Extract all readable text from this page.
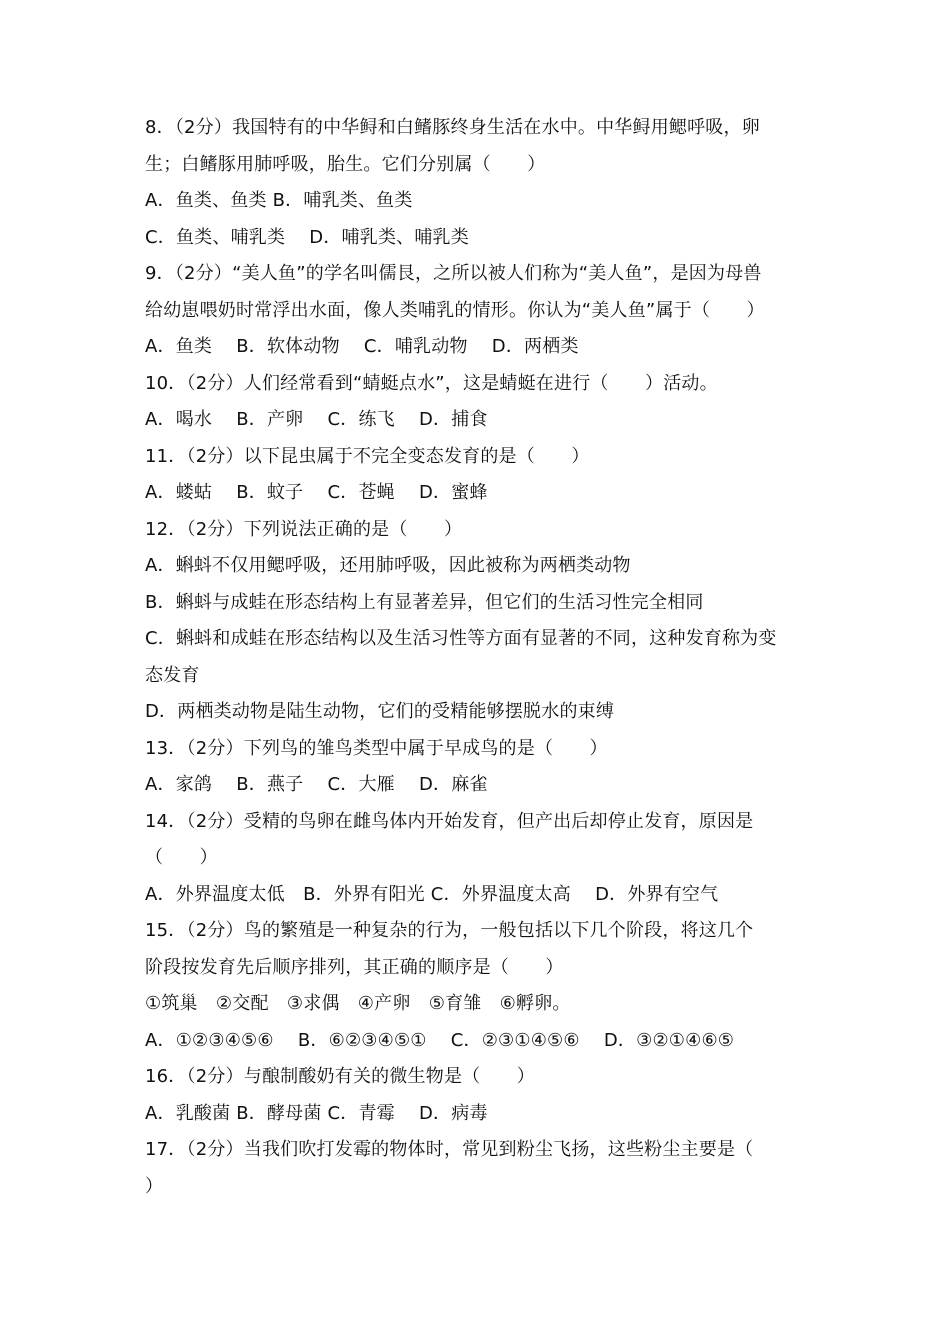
8．（2分）我国特有的中华鲟和白鳍豚终身生活在水中。中华鲟用鳃呼吸，卵
生；白鳍豚用肺呼吸，胎生。它们分别属（　　）
A．鱼类、鱼类 B．哺乳类、鱼类
C．鱼类、哺乳类　 D．哺乳类、哺乳类
9．（2分）“美人鱼”的学名叫儒艮，之所以被人们称为“美人鱼”，是因为母兽
给幼崽喂奶时常浮出水面，像人类哺乳的情形。你认为“美人鱼”属于（　　）
A．鱼类　 B．软体动物　 C．哺乳动物　 D．两栖类
10．（2分）人们经常看到“蜻蜓点水”，这是蜻蜓在进行（　　）活动。
A．喝水　 B．产卵　 C．练飞　 D．捕食
11．（2分）以下昆虫属于不完全变态发育的是（　　）
A．蝼蛄　 B．蚊子　 C．苍蝇　 D．蜜蜂
12．（2分）下列说法正确的是（　　）
A．蝌蚪不仅用鳃呼吸，还用肺呼吸，因此被称为两栖类动物
B．蝌蚪与成蛙在形态结构上有显著差异，但它们的生活习性完全相同
C．蝌蚪和成蛙在形态结构以及生活习性等方面有显著的不同，这种发育称为变
态发育
D．两栖类动物是陆生动物，它们的受精能够摆脱水的束缚
13．（2分）下列鸟的雏鸟类型中属于早成鸟的是（　　）
A．家鸽　 B．燕子　 C．大雁　 D．麻雀
14．（2分）受精的鸟卵在雌鸟体内开始发育，但产出后却停止发育，原因是
（　　）
A．外界温度太低　B．外界有阳光 C．外界温度太高　 D．外界有空气
15．（2分）鸟的繁殖是一种复杂的行为，一般包括以下几个阶段，将这几个
阶段按发育先后顺序排列，其正确的顺序是（　　）
①筑巢　②交配　③求偶　④产卵　⑤育雏　⑥孵卵。
A．①②③④⑤⑥　 B．⑥②③④⑤①　 C．②③①④⑤⑥　 D．③②①④⑥⑤
16．（2分）与酿制酸奶有关的微生物是（　　）
A．乳酸菌 B．酵母菌 C．青霉　 D．病毒
17．（2分）当我们吹打发霉的物体时，常见到粉尘飞扬，这些粉尘主要是（
）
